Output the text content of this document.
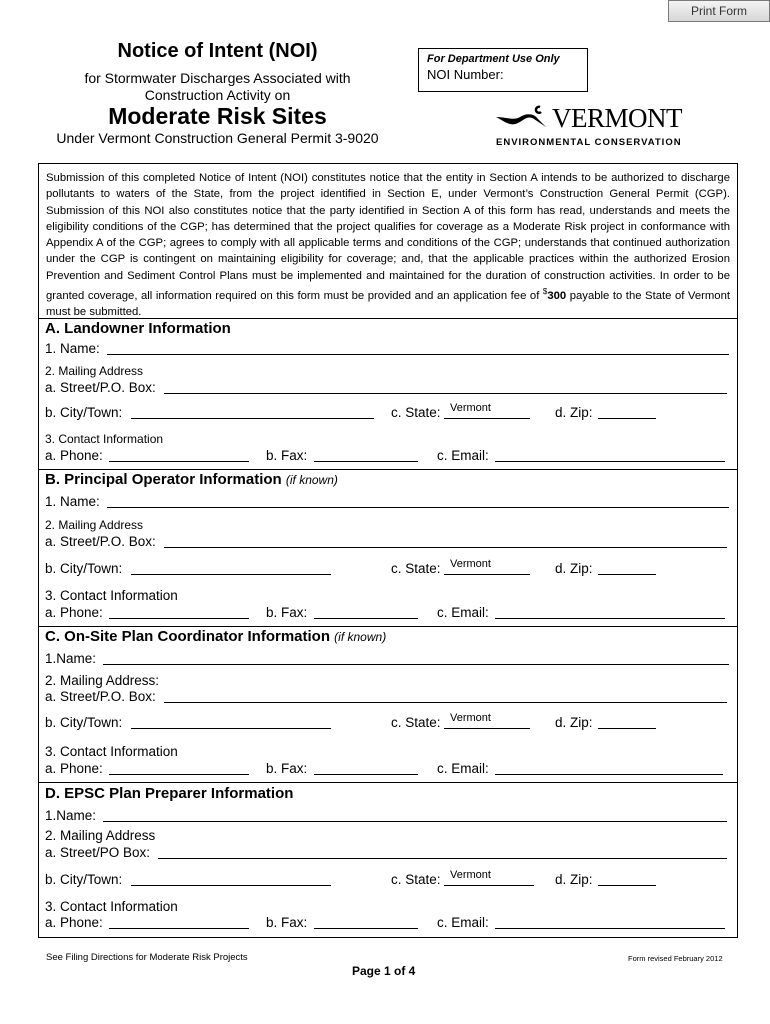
Print Form
Notice of Intent (NOI)
for Stormwater Discharges Associated with
Construction Activity on
Moderate Risk Sites
Under Vermont Construction General Permit 3-9020
For Department Use Only
NOI Number:
VERMONT
ENVIRONMENTAL CONSERVATION
Submission of this completed Notice of Intent (NOI) constitutes notice that the entity in Section A intends to be authorized to discharge pollutants to waters of the State, from the project identified in Section E, under Vermont’s Construction General Permit (CGP). Submission of this NOI also constitutes notice that the party identified in Section A of this form has read, understands and meets the eligibility conditions of the CGP; has determined that the project qualifies for coverage as a Moderate Risk project in conformance with Appendix A of the CGP; agrees to comply with all applicable terms and conditions of the CGP; understands that continued authorization under the CGP is contingent on maintaining eligibility for coverage; and, that the applicable practices within the authorized Erosion Prevention and Sediment Control Plans must be implemented and maintained for the duration of construction activities. In order to be granted coverage, all information required on this form must be provided and an application fee of $300 payable to the State of Vermont must be submitted.
A. Landowner Information
1. Name:
2. Mailing Address
a. Street/P.O. Box:
b. City/Town:	c. State: Vermont	d. Zip:
3. Contact Information
a. Phone:	b. Fax:	c. Email:
B. Principal Operator Information (if known)
1. Name:
2. Mailing Address
a. Street/P.O. Box:
b. City/Town:	c. State: Vermont	d. Zip:
3. Contact Information
a. Phone:	b. Fax:	c. Email:
C. On-Site Plan Coordinator Information (if known)
1.Name:
2. Mailing Address:
a. Street/P.O. Box:
b. City/Town:	c. State: Vermont	d. Zip:
3. Contact Information
a. Phone:	b. Fax:	c. Email:
D. EPSC Plan Preparer Information
1.Name:
2. Mailing Address
a. Street/PO Box:
b. City/Town:	c. State: Vermont	d. Zip:
3. Contact Information
a. Phone:	b. Fax:	c. Email:
See Filing Directions for Moderate Risk Projects	Form revised February 2012
Page 1 of 4
